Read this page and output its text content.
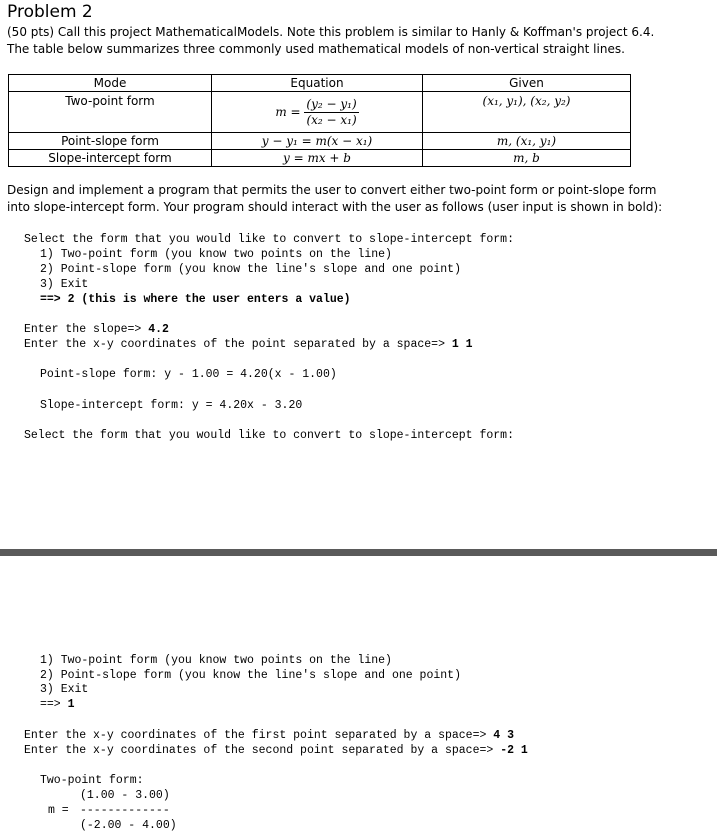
Problem 2
(50 pts) Call this project MathematicalModels. Note this problem is similar to Hanly & Koffman's project 6.4.
The table below summarizes three commonly used mathematical models of non-vertical straight lines.
Mode	Equation	Given
Two-point form	$m = \frac{\text{(y₂ − y₁)}}{\text{(x₂ − x₁)}}$	(x₁, y₁), (x₂, y₂)
Point-slope form	y − y₁ = m(x − x₁)	m, (x₁, y₁)
Slope-intercept form	y = mx + b	m, b
Design and implement a program that permits the user to convert either two-point form or point-slope form
into slope-intercept form. Your program should interact with the user as follows (user input is shown in bold):
Select the form that you would like to convert to slope-intercept form:
1) Two-point form (you know two points on the line)
2) Point-slope form (you know the line's slope and one point)
3) Exit
==> 2 (this is where the user enters a value)
Enter the slope=> 4.2
Enter the x-y coordinates of the point separated by a space=> 1 1
Point-slope form: y - 1.00 = 4.20(x - 1.00)
Slope-intercept form: y = 4.20x - 3.20
Select the form that you would like to convert to slope-intercept form:
1) Two-point form (you know two points on the line)
2) Point-slope form (you know the line's slope and one point)
3) Exit
==> 1
Enter the x-y coordinates of the first point separated by a space=> 4 3
Enter the x-y coordinates of the second point separated by a space=> -2 1
Two-point form:
(1.00 - 3.00)
m = -------------
(-2.00 - 4.00)
